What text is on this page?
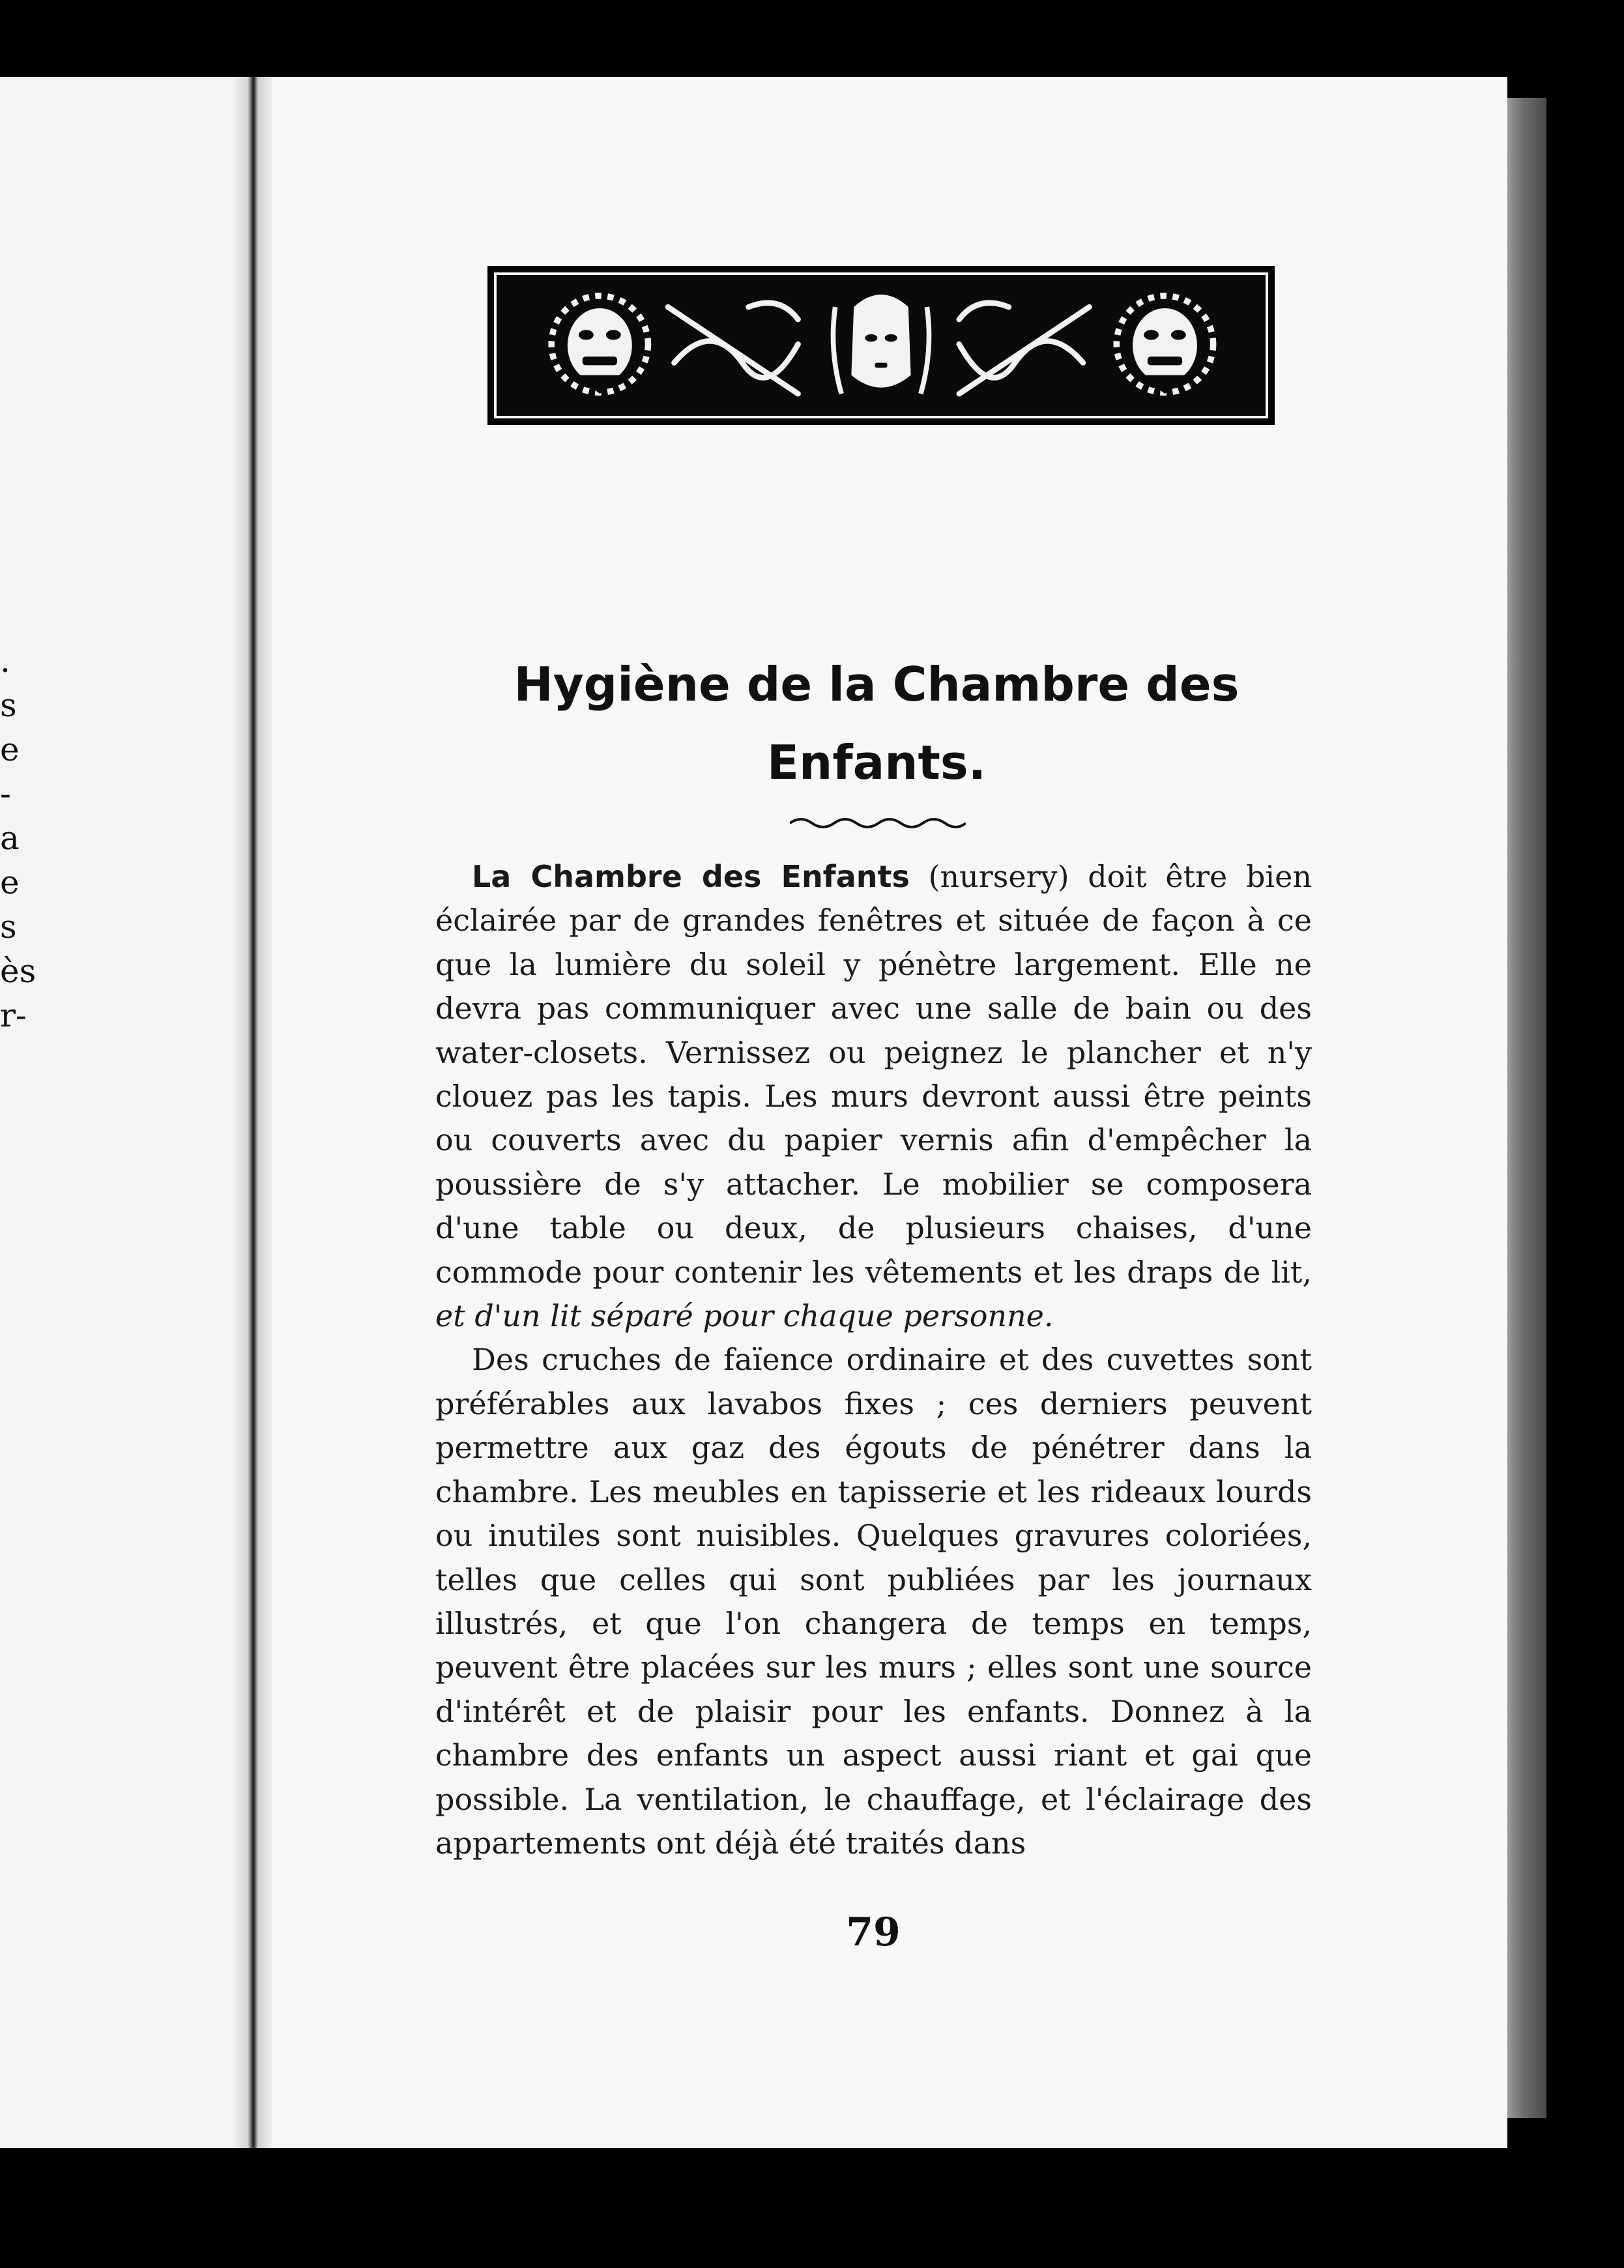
.
s
e
-
a
e
s
ès
r-
Hygiène de la Chambre des Enfants.

La Chambre des Enfants (nursery) doit être bien éclairée par de grandes fenêtres et située de façon à ce que la lumière du soleil y pénètre largement. Elle ne devra pas communiquer avec une salle de bain ou des water-closets. Vernissez ou peignez le plancher et n'y clouez pas les tapis. Les murs devront aussi être peints ou couverts avec du papier vernis afin d'empêcher la poussière de s'y attacher. Le mobilier se composera d'une table ou deux, de plusieurs chaises, d'une commode pour contenir les vêtements et les draps de lit, et d'un lit séparé pour chaque personne.

Des cruches de faïence ordinaire et des cuvettes sont préférables aux lavabos fixes ; ces derniers peuvent permettre aux gaz des égouts de pénétrer dans la chambre. Les meubles en tapisserie et les rideaux lourds ou inutiles sont nuisibles. Quelques gravures coloriées, telles que celles qui sont publiées par les journaux illustrés, et que l'on changera de temps en temps, peuvent être placées sur les murs ; elles sont une source d'intérêt et de plaisir pour les enfants. Donnez à la chambre des enfants un aspect aussi riant et gai que possible. La ventilation, le chauffage, et l'éclairage des appartements ont déjà été traités dans

79
